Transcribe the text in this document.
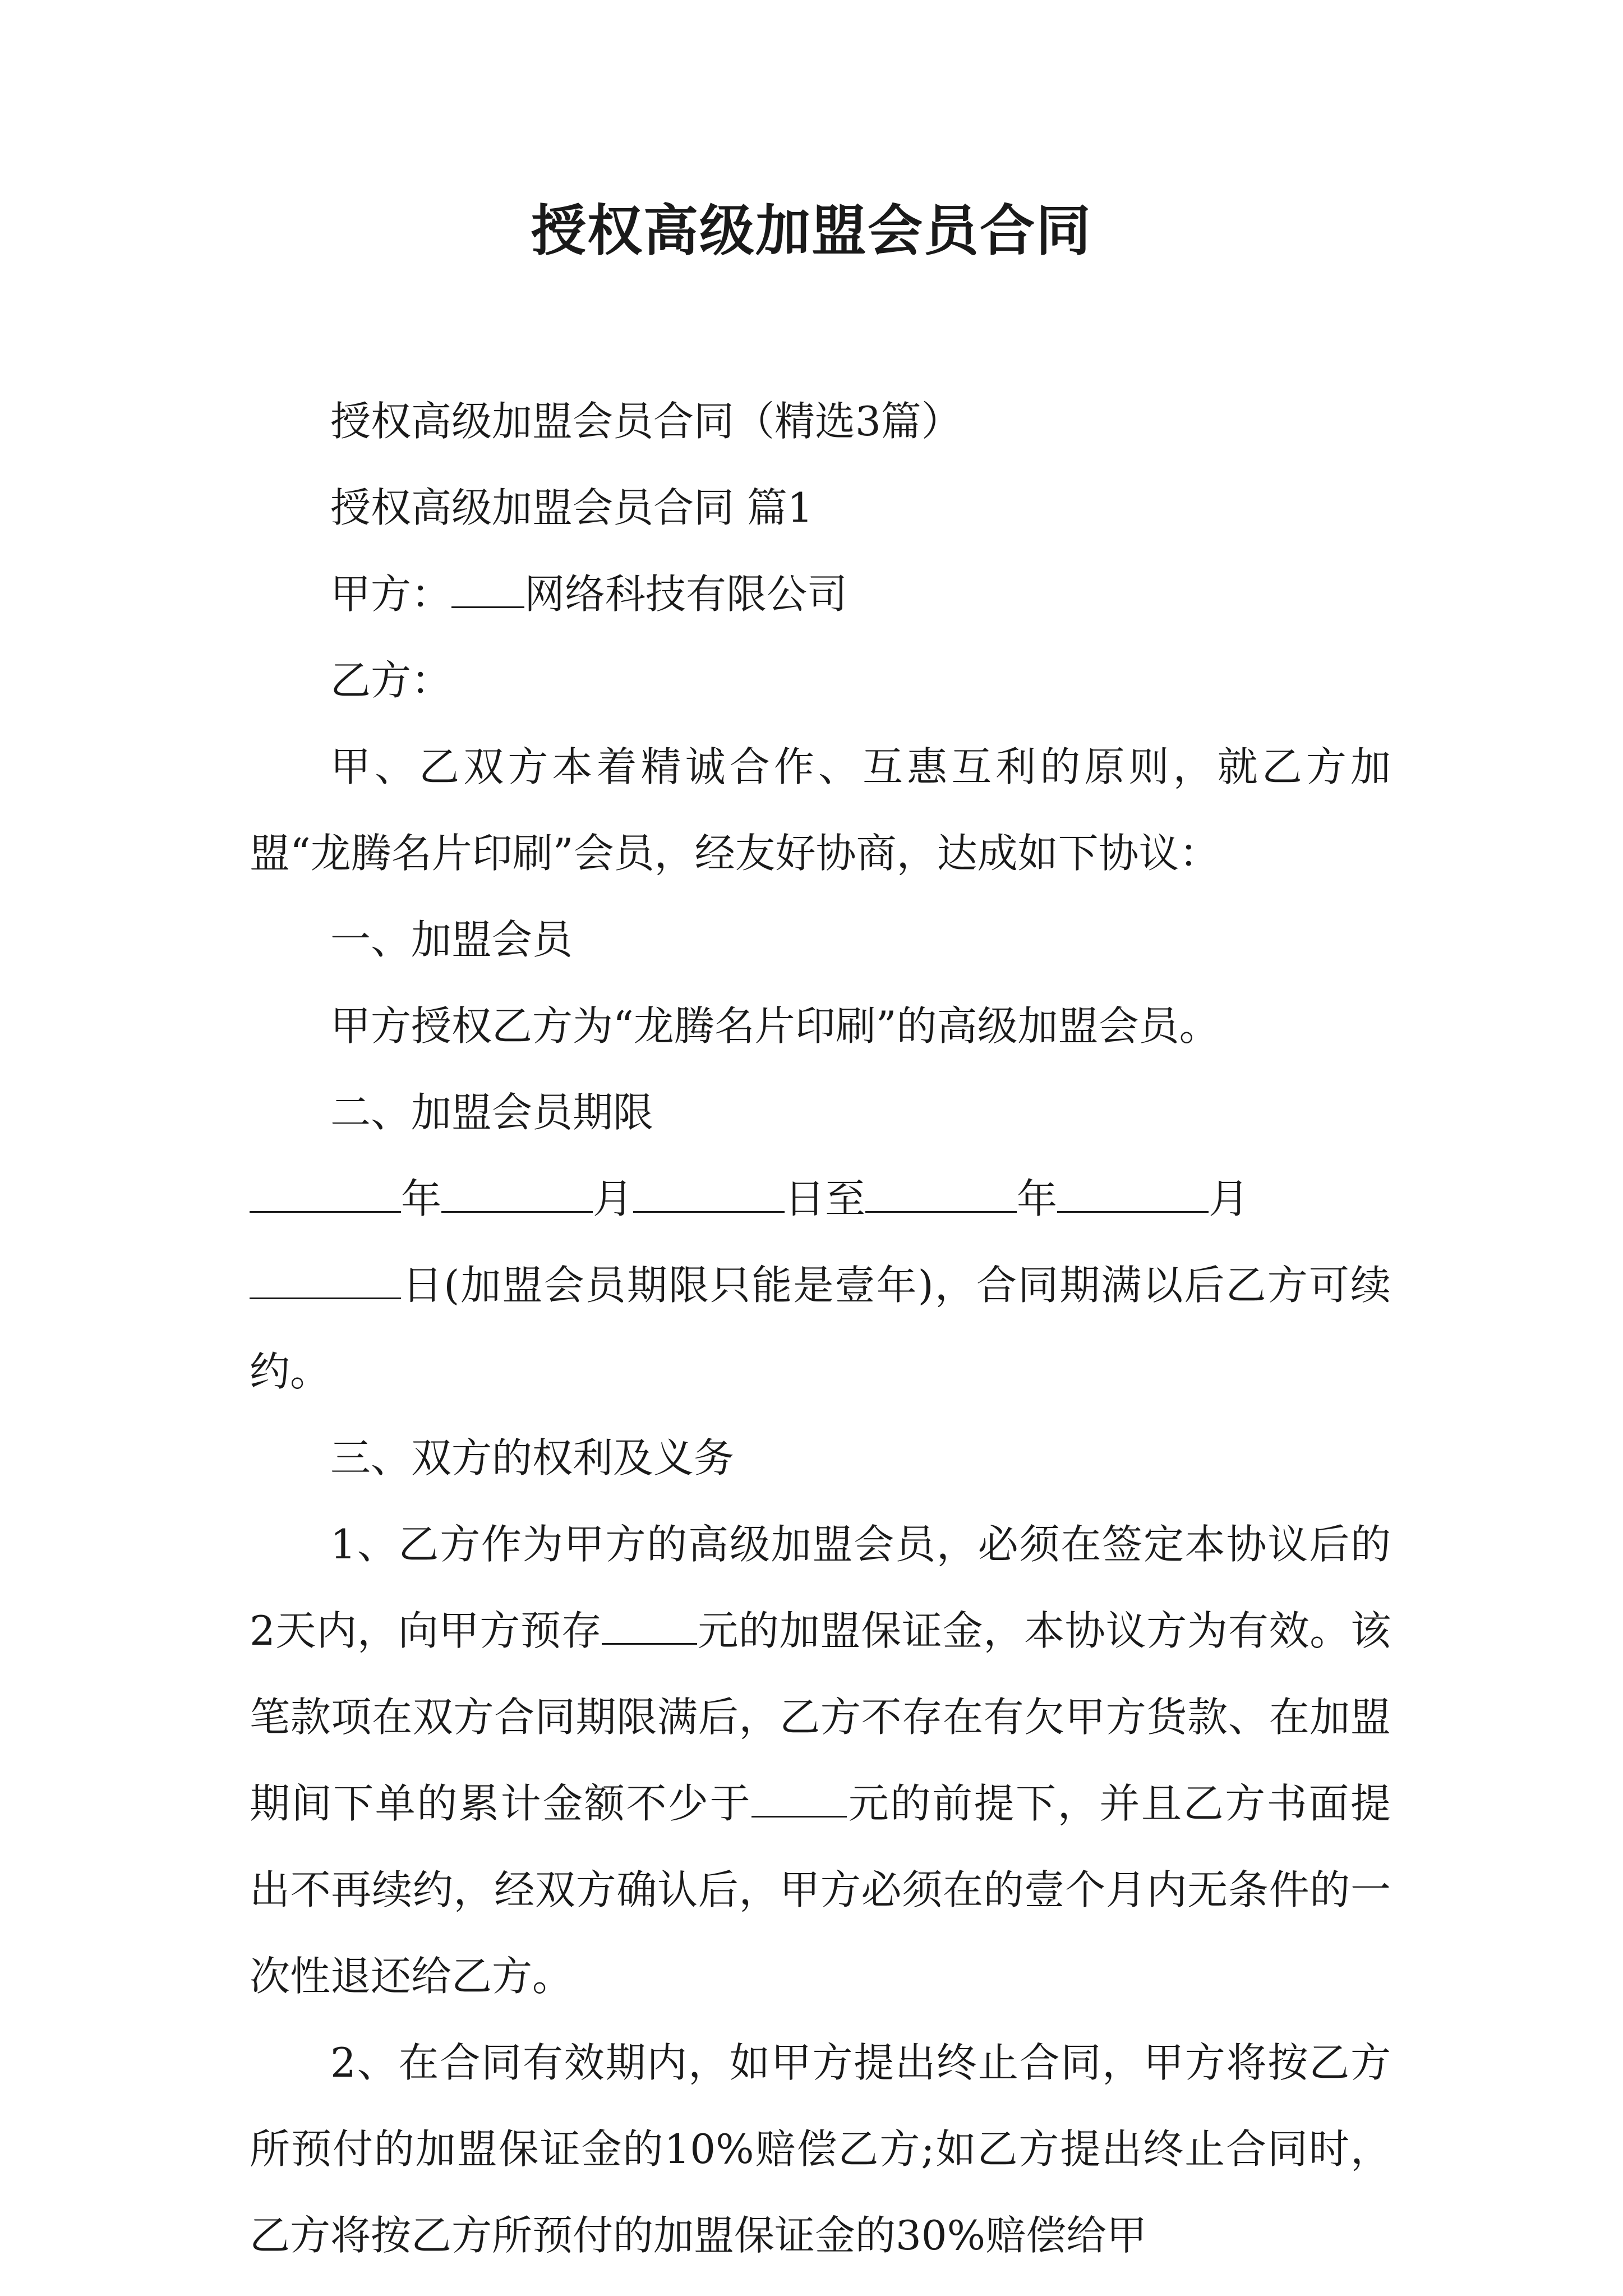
授权高级加盟会员合同

授权高级加盟会员合同（精选3篇）

授权高级加盟会员合同 篇1

甲方： 网络科技有限公司

乙方：

甲、乙双方本着精诚合作、互惠互利的原则，就乙方加盟“龙腾名片印刷”会员，经友好协商，达成如下协议：

一、加盟会员

甲方授权乙方为“龙腾名片印刷”的高级加盟会员。

二、加盟会员期限

年	月	日至	年	月
日(加盟会员期限只能是壹年)，合同期满以后乙方可续约。

三、双方的权利及义务

1、乙方作为甲方的高级加盟会员，必须在签定本协议后的2天内，向甲方预存 元的加盟保证金，本协议方为有效。该笔款项在双方合同期限满后，乙方不存在有欠甲方货款、在加盟期间下单的累计金额不少于 元的前提下，并且乙方书面提出不再续约，经双方确认后，甲方必须在的壹个月内无条件的一次性退还给乙方。

2、在合同有效期内，如甲方提出终止合同，甲方将按乙方所预付的加盟保证金的10%赔偿乙方;如乙方提出终止合同时，乙方将按乙方所预付的加盟保证金的30%赔偿给甲
